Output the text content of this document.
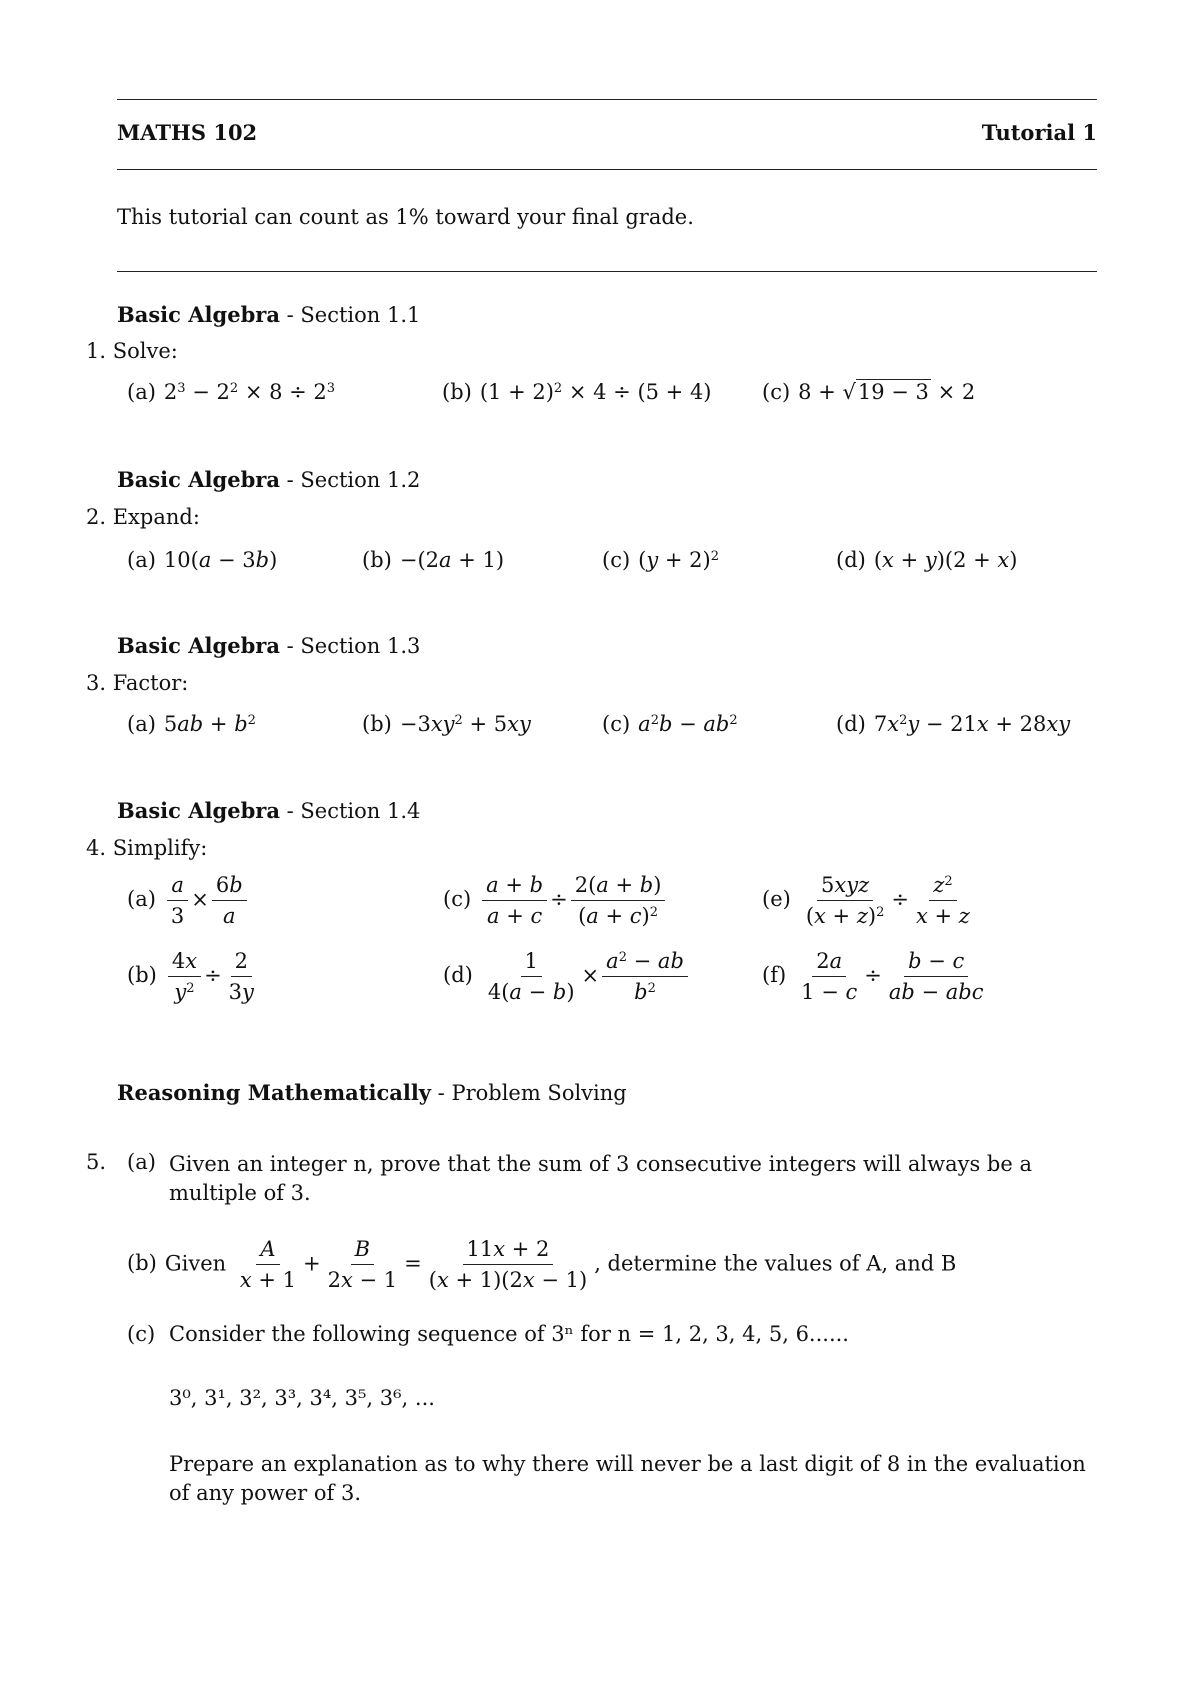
MATHS 102	Tutorial 1
This tutorial can count as 1% toward your final grade.
Basic Algebra - Section 1.1
1. Solve:
(a) $2^3 - 2^2 \times 8 \div 2^3$	(b) $(1 + 2)^2 \times 4 \div (5 + 4)$ (c) 8 + √19 − 3 × 2
Basic Algebra - Section 1.2
2. Expand:
(a) 10(a − 3b)	(b) −(2a + 1)	(c) $(y + 2)^2$	(d) (x + y)(2 + x)
Basic Algebra - Section 1.3
3. Factor:
(a) $5ab + b^2$	$(b) -3xy^2 + 5xy$	(c) $a^2b - ab^2$	(d) $7x^2y - 21x + 28xy$
Basic Algebra - Section 1.4
4. Simplify:
$(a) \frac{a}{3} \times \frac{6b}{a}$	$(c) \frac{a + b}{a + c} \div \frac{2(a + b)}{(a + c)^2}$	$(e) \frac{\text{5xyz}}{(x + z)^2} \div \frac{z^2}{x + z}$
$(b) \frac{4x}{y^2} \div \frac{2}{3y}$	$(d) \frac{1}{4(a - b)} \times \frac{a^2 - ab}{b^2}$	$(f) \frac{2a}{1 - c} \div \frac{b - c}{\text{ab − abc}}$
Reasoning Mathematically - Problem Solving
5. (a) Given an integer n, prove that the sum of 3 consecutive integers will always be a multiple of 3.
(b) Given $\frac{A}{x + 1} + \frac{B}{2x - 1} = \frac{11x + 2}{(x + 1)(2x - 1)}$ , determine the values of A, and B
(c) Consider the following sequence of 3ⁿ for n = 1, 2, 3, 4, 5, 6......
3⁰, 3¹, 3², 3³, 3⁴, 3⁵, 3⁶, ...
Prepare an explanation as to why there will never be a last digit of 8 in the evaluation of any power of 3.
